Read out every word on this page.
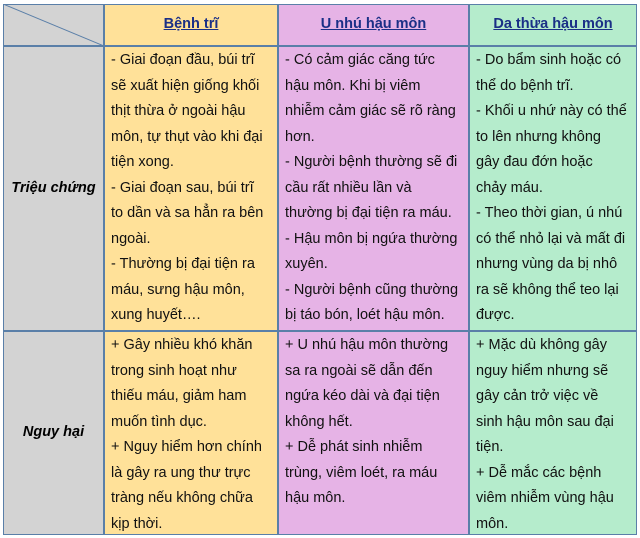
Bệnh trĩ	U nhú hậu môn	Da thừa hậu môn
Triệu chứng

- Giai đoạn đầu, búi trĩ

sẽ xuất hiện giống khối

thịt thừa ở ngoài hậu

môn, tự thụt vào khi đại

tiện xong.

- Giai đoạn sau, búi trĩ

to dần và sa hẳn ra bên

ngoài.

- Thường bị đại tiện ra

máu, sưng hậu môn,

xung huyết….

- Có cảm giác căng tức

hậu môn. Khi bị viêm

nhiễm cảm giác sẽ rõ ràng

hơn.

- Người bệnh thường sẽ đi

cầu rất nhiều lần và

thường bị đại tiện ra máu.

- Hậu môn bị ngứa thường

xuyên.

- Người bệnh cũng thường

bị táo bón, loét hậu môn.

- Do bẩm sinh hoặc có

thể do bệnh trĩ.

- Khối u nhứ này có thể

to lên nhưng không

gây đau đớn hoặc

chảy máu.

- Theo thời gian, ú nhú

có thể nhỏ lại và mất đi

nhưng vùng da bị nhô

ra sẽ không thể teo lại

được.

Nguy hại

+ Gây nhiều khó khăn

trong sinh hoạt như

thiếu máu, giảm ham

muốn tình dục.

+ Nguy hiểm hơn chính

là gây ra ung thư trực

tràng nếu không chữa

kịp thời.

+ U nhú hậu môn thường

sa ra ngoài sẽ dẫn đến

ngứa kéo dài và đại tiện

không hết.

+ Dễ phát sinh nhiễm

trùng, viêm loét, ra máu

hậu môn.

+ Mặc dù không gây

nguy hiểm nhưng sẽ

gây cản trở việc về

sinh hậu môn sau đại

tiện.

+ Dễ mắc các bệnh

viêm nhiễm vùng hậu

môn.
